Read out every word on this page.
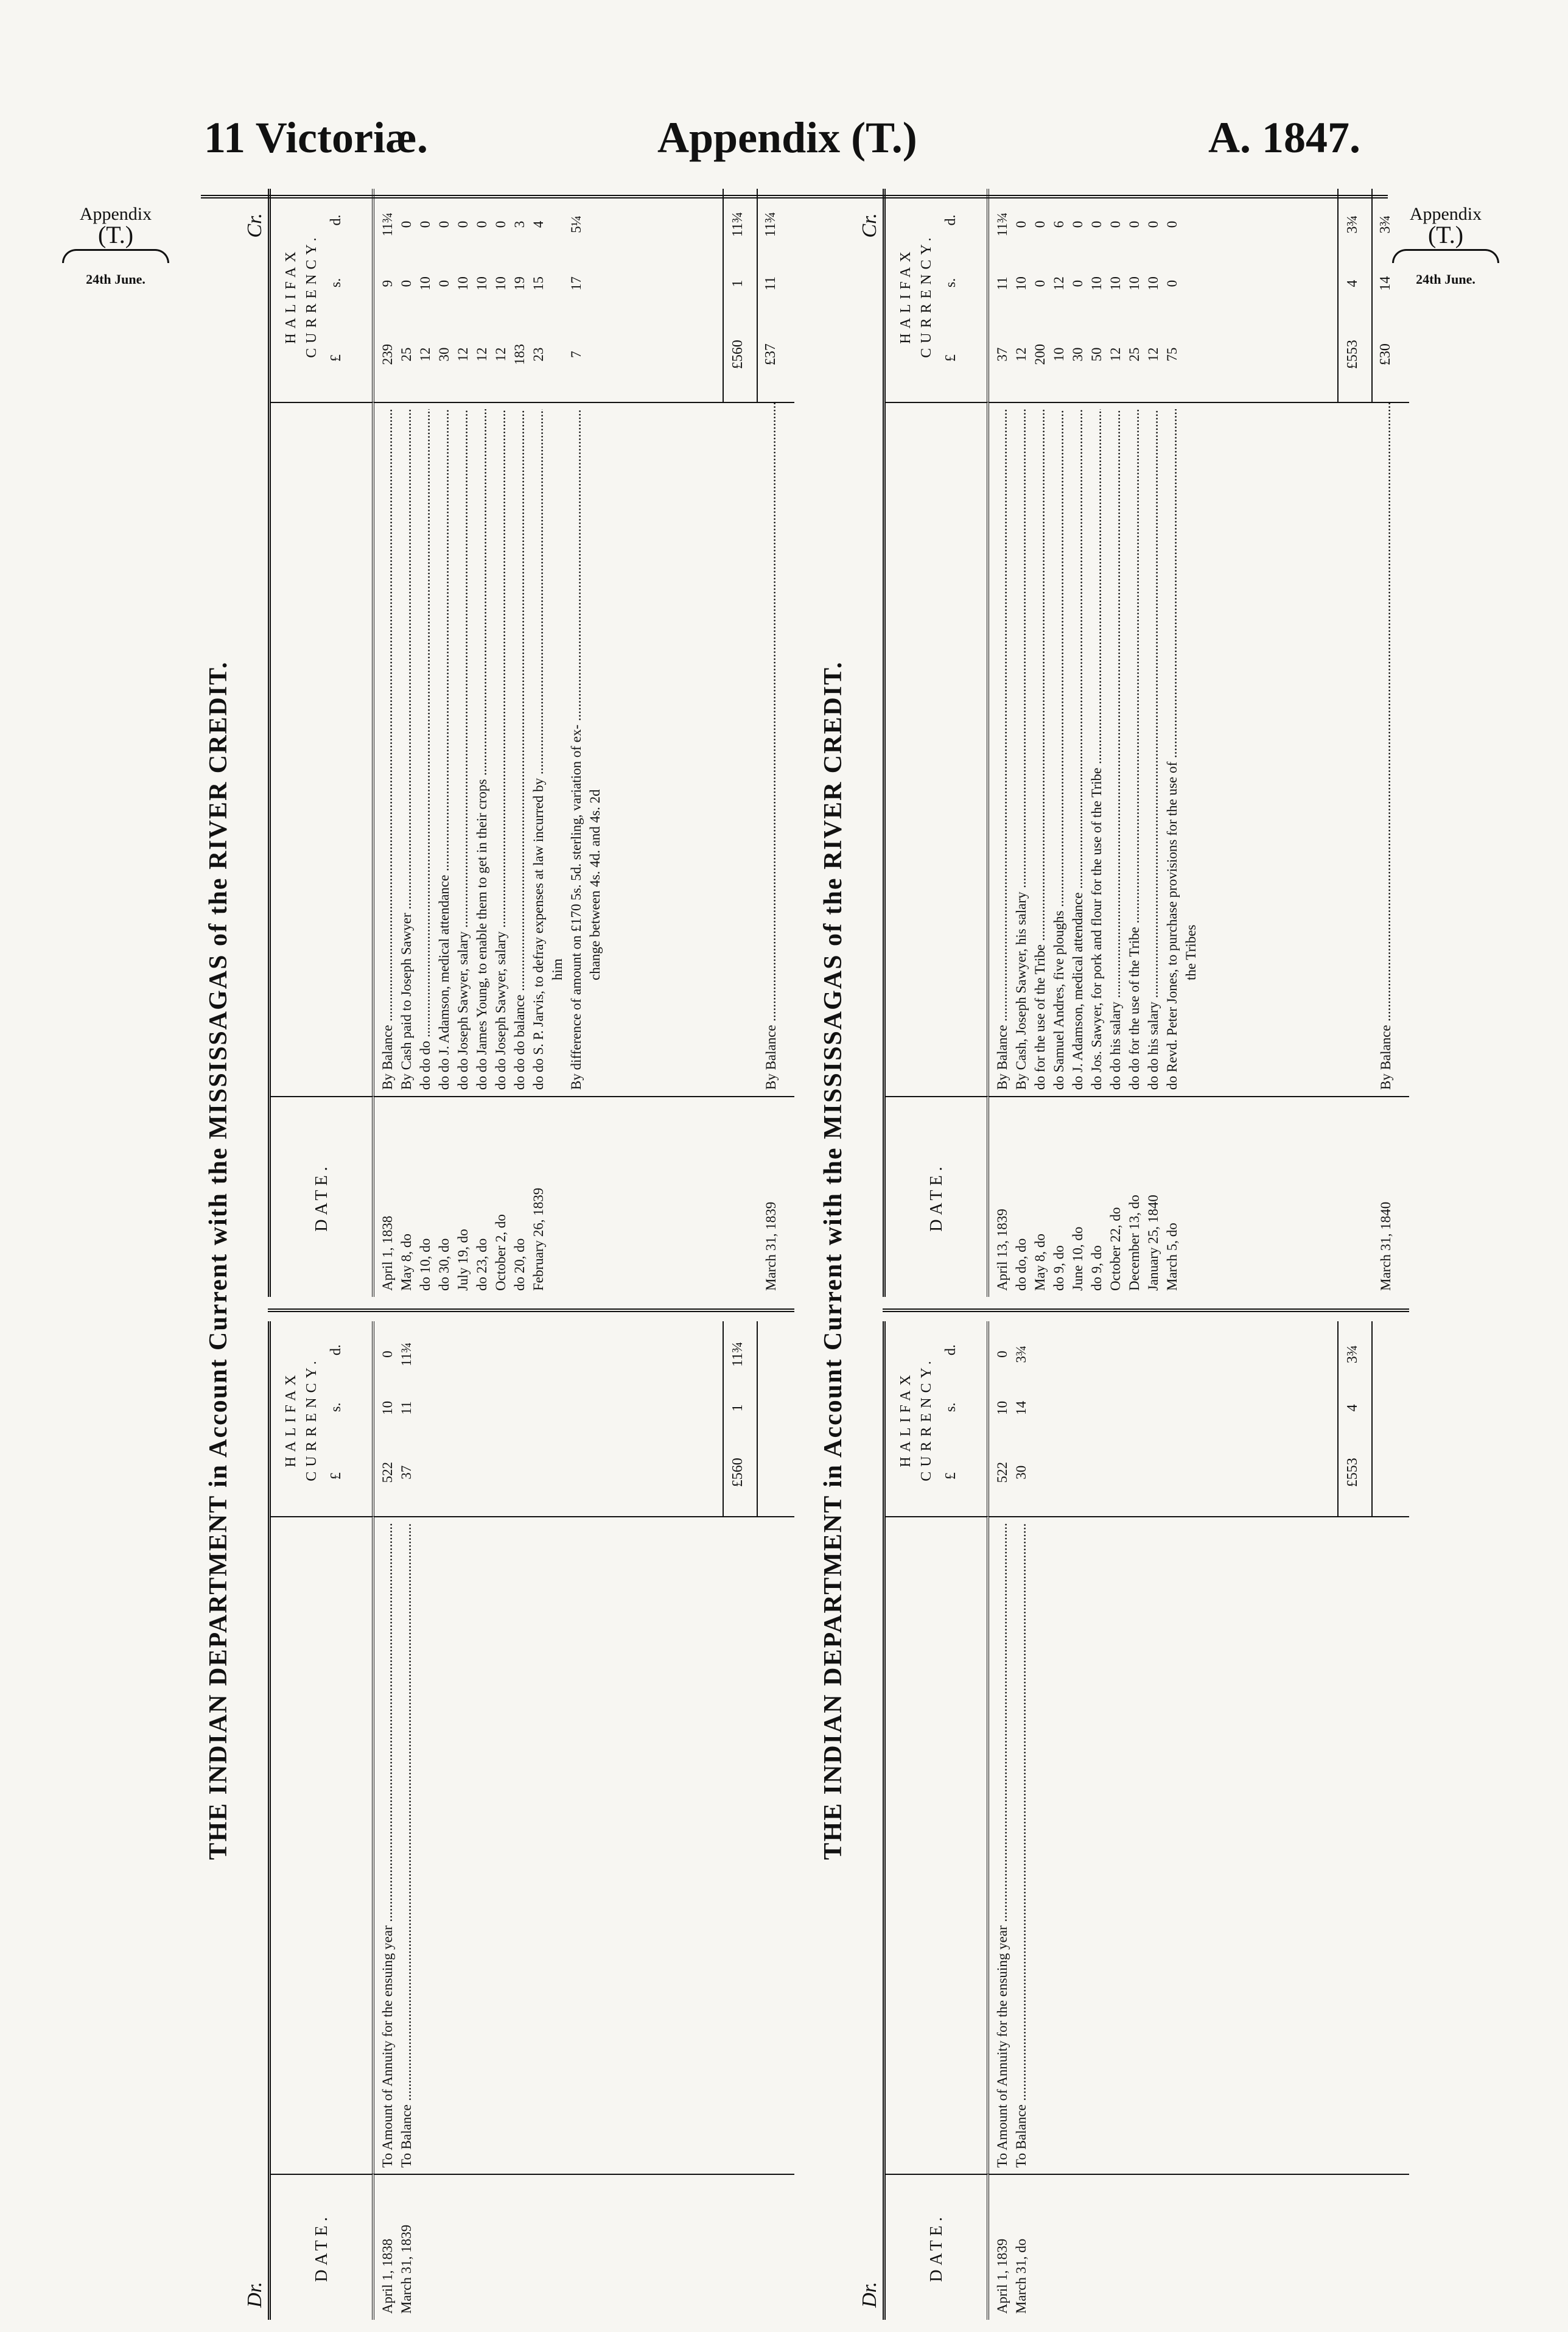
11 Victoriæ.	Appendix (T.)	A. 1847.
Appendix
(T.)
24th June.
Appendix
(T.)
24th June.
THE INDIAN DEPARTMENT in Account Current with the MISSISSAGAS of the RIVER CREDIT.
Dr.
Cr.
DATE.
HALIFAX CURRENCY. £
s.
d.
April 1, 1838 March 31, 1839
To Amount of Annuity for the ensuing year ..... To Balance .....
522
10
0
37
11
11¾
£560
1
11¾
DATE.
HALIFAX CURRENCY.
£
s.
d.
April 1, 1838 May 8, do do 10, do do 30, do July 19, do do 23, do October 2, do do 20, do February 26, 1839

By Balance ..... By Cash paid to Joseph Sawyer ..... do do do ..... do do J. Adamson, medical attendance ..... do do Joseph Sawyer, salary ..... do do James Young, to enable them to get in their crops ..... do do Joseph Sawyer, salary ..... do do do balance ..... do do S. P. Jarvis, to defray expenses at law incurred by ..... him By difference of amount on £170 5s. 5d. sterling, variation of ex- ..... change between 4s. 4d. and 4s. 2d
239
9
11¾
25
0
0
12
10
0
30
0
0
12
10
0
12
10
0
12
10
0
183
19
3
23
15
4

7
17
5¼

£560
1
11¾
March 31, 1839
By Balance .....
£37
11
11¾
THE INDIAN DEPARTMENT in Account Current with the MISSISSAGAS of the RIVER CREDIT.
Dr.
Cr.
DATE.
HALIFAX CURRENCY. £
s.
d.
April 1, 1839 March 31, do
To Amount of Annuity for the ensuing year ..... To Balance .....
522
10
0
30
14
3¾
£553
4
3¾
DATE.
HALIFAX CURRENCY.
£
s.
d.
April 13, 1839 do do, do May 8, do do 9, do June 10, do do 9, do October 22, do December 13, do January 25, 1840 March 5, do

By Balance ..... By Cash, Joseph Sawyer, his salary ..... do for the use of the Tribe ..... do Samuel Andres, five ploughs ..... do J. Adamson, medical attendance ..... do Jos. Sawyer, for pork and flour for the use of the Tribe ..... do do his salary ..... do do for the use of the Tribe ..... do do his salary ..... do Revd. Peter Jones, to purchase provisions for the use of ..... the Tribes

37
11
11¾
12
10
0
200
0
0
10
12
6
30
0
0
50
10
0
12
10
0
25
10
0
12
10
0
75
0
0

£553
4
3¾
March 31, 1840
By Balance .....
£30
14
3¾
